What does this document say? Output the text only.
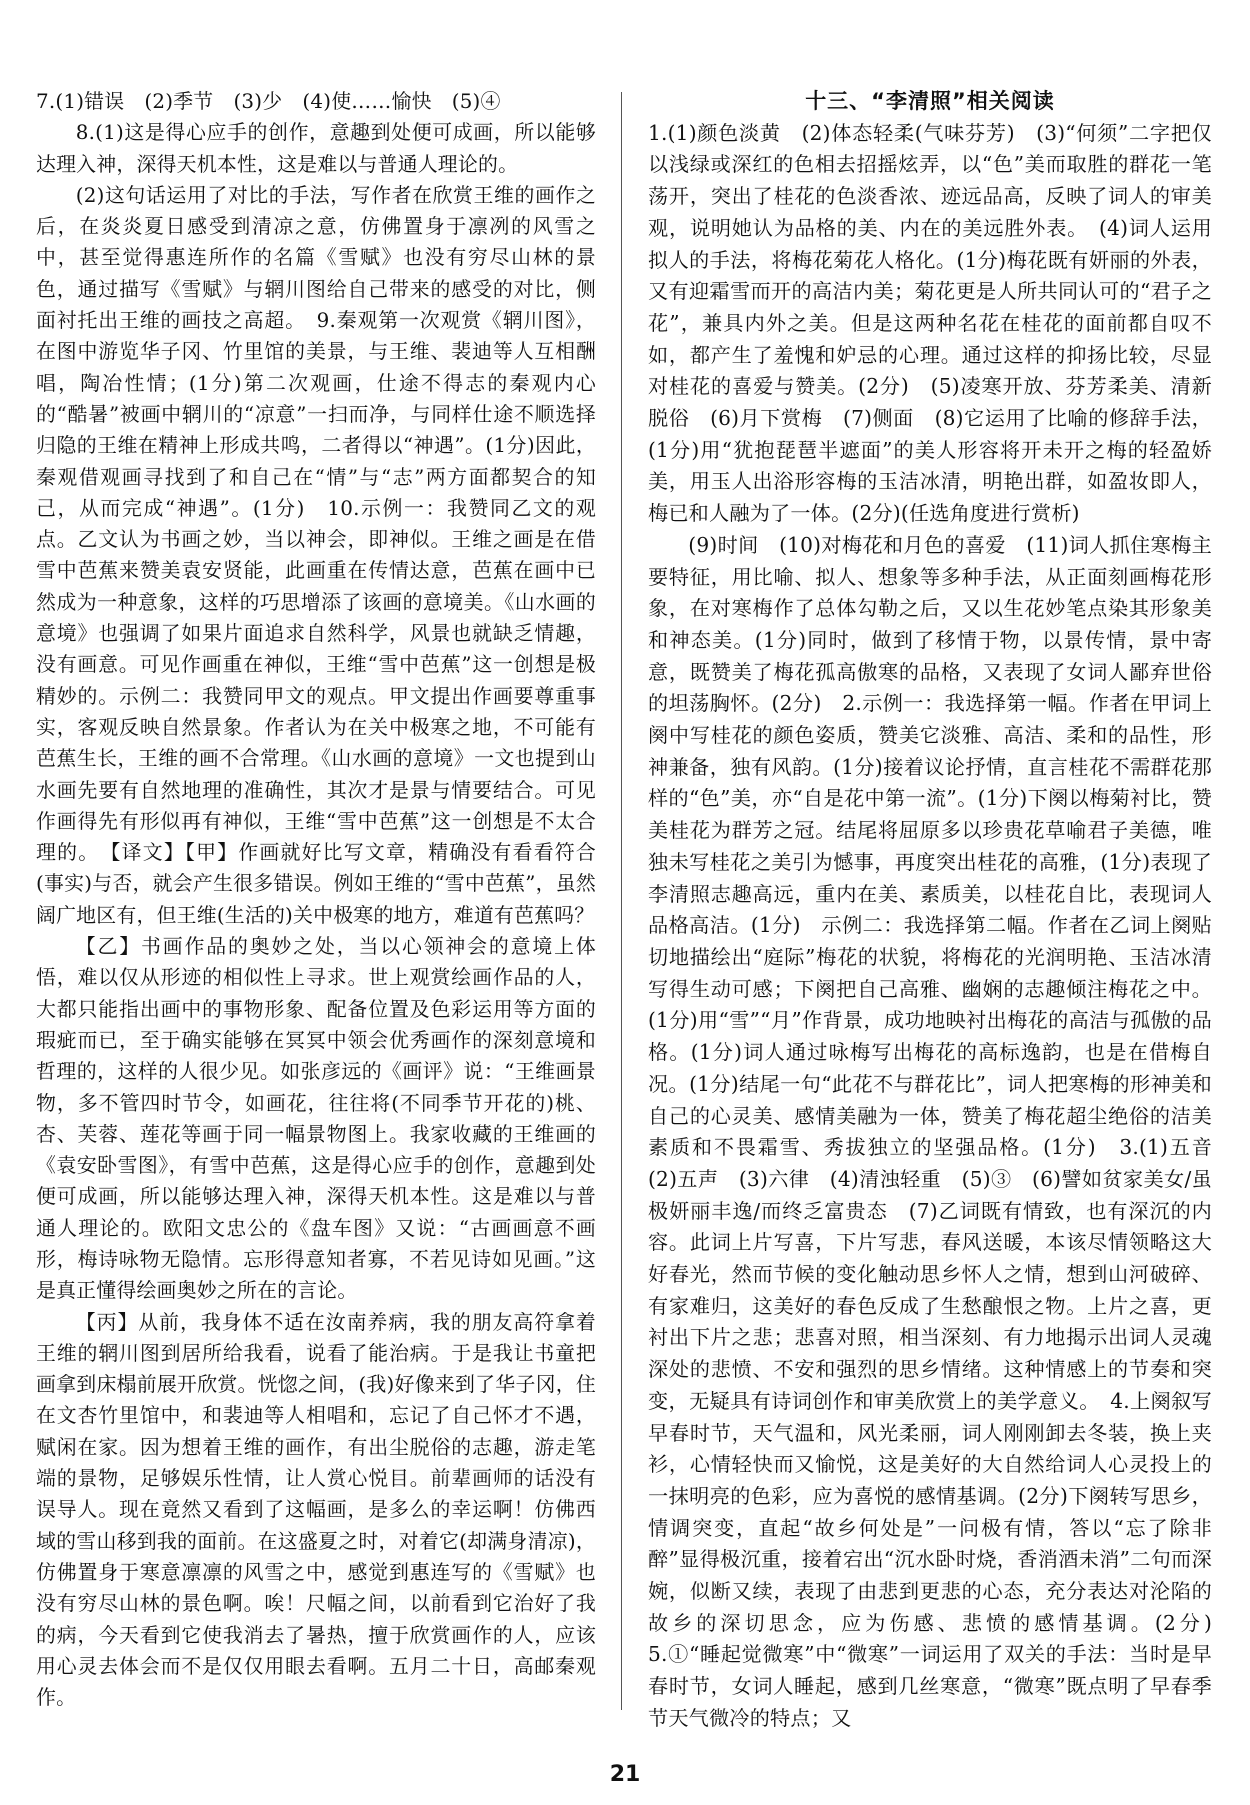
7.(1)错误　(2)季节　(3)少　(4)使……愉快　(5)④

8.(1)这是得心应手的创作，意趣到处便可成画，所以能够达理入神，深得天机本性，这是难以与普通人理论的。

(2)这句话运用了对比的手法，写作者在欣赏王维的画作之后，在炎炎夏日感受到清凉之意，仿佛置身于凛冽的风雪之中，甚至觉得惠连所作的名篇《雪赋》也没有穷尽山林的景色，通过描写《雪赋》与辋川图给自己带来的感受的对比，侧面衬托出王维的画技之高超。　9.秦观第一次观赏《辋川图》，在图中游览华子冈、竹里馆的美景，与王维、裴迪等人互相酬唱，陶冶性情；(1分)第二次观画，仕途不得志的秦观内心的“酷暑”被画中辋川的“凉意”一扫而净，与同样仕途不顺选择归隐的王维在精神上形成共鸣，二者得以“神遇”。(1分)因此，秦观借观画寻找到了和自己在“情”与“志”两方面都契合的知己，从而完成“神遇”。(1分)　10.示例一：我赞同乙文的观点。乙文认为书画之妙，当以神会，即神似。王维之画是在借雪中芭蕉来赞美袁安贤能，此画重在传情达意，芭蕉在画中已然成为一种意象，这样的巧思增添了该画的意境美。《山水画的意境》也强调了如果片面追求自然科学，风景也就缺乏情趣，没有画意。可见作画重在神似，王维“雪中芭蕉”这一创想是极精妙的。示例二：我赞同甲文的观点。甲文提出作画要尊重事实，客观反映自然景象。作者认为在关中极寒之地，不可能有芭蕉生长，王维的画不合常理。《山水画的意境》一文也提到山水画先要有自然地理的准确性，其次才是景与情要结合。可见作画得先有形似再有神似，王维“雪中芭蕉”这一创想是不太合理的。　【译文】【甲】作画就好比写文章，精确没有看看符合(事实)与否，就会产生很多错误。例如王维的“雪中芭蕉”，虽然阔广地区有，但王维(生活的)关中极寒的地方，难道有芭蕉吗？

【乙】书画作品的奥妙之处，当以心领神会的意境上体悟，难以仅从形迹的相似性上寻求。世上观赏绘画作品的人，大都只能指出画中的事物形象、配备位置及色彩运用等方面的瑕疵而已，至于确实能够在冥冥中领会优秀画作的深刻意境和哲理的，这样的人很少见。如张彦远的《画评》说：“王维画景物，多不管四时节令，如画花，往往将(不同季节开花的)桃、杏、芙蓉、莲花等画于同一幅景物图上。我家收藏的王维画的《袁安卧雪图》，有雪中芭蕉，这是得心应手的创作，意趣到处便可成画，所以能够达理入神，深得天机本性。这是难以与普通人理论的。欧阳文忠公的《盘车图》又说：“古画画意不画形，梅诗咏物无隐情。忘形得意知者寡，不若见诗如见画。”这是真正懂得绘画奥妙之所在的言论。

【丙】从前，我身体不适在汝南养病，我的朋友高符拿着王维的辋川图到居所给我看，说看了能治病。于是我让书童把画拿到床榻前展开欣赏。恍惚之间，(我)好像来到了华子冈，住在文杏竹里馆中，和裴迪等人相唱和，忘记了自己怀才不遇，赋闲在家。因为想着王维的画作，有出尘脱俗的志趣，游走笔端的景物，足够娱乐性情，让人赏心悦目。前辈画师的话没有误导人。现在竟然又看到了这幅画，是多么的幸运啊！仿佛西域的雪山移到我的面前。在这盛夏之时，对着它(却满身清凉)，仿佛置身于寒意凛凛的风雪之中，感觉到惠连写的《雪赋》也没有穷尽山林的景色啊。唉！尺幅之间，以前看到它治好了我的病，今天看到它使我消去了暑热，擅于欣赏画作的人，应该用心灵去体会而不是仅仅用眼去看啊。五月二十日，高邮秦观作。

十三、“李清照”相关阅读

1.(1)颜色淡黄　(2)体态轻柔(气味芬芳)　(3)“何须”二字把仅以浅绿或深红的色相去招摇炫弄，以“色”美而取胜的群花一笔荡开，突出了桂花的色淡香浓、迹远品高，反映了词人的审美观，说明她认为品格的美、内在的美远胜外表。　(4)词人运用拟人的手法，将梅花菊花人格化。(1分)梅花既有妍丽的外表，又有迎霜雪而开的高洁内美；菊花更是人所共同认可的“君子之花”，兼具内外之美。但是这两种名花在桂花的面前都自叹不如，都产生了羞愧和妒忌的心理。通过这样的抑扬比较，尽显对桂花的喜爱与赞美。(2分)　(5)凌寒开放、芬芳柔美、清新脱俗　(6)月下赏梅　(7)侧面　(8)它运用了比喻的修辞手法，(1分)用“犹抱琵琶半遮面”的美人形容将开未开之梅的轻盈娇美，用玉人出浴形容梅的玉洁冰清，明艳出群，如盈妆即人，梅已和人融为了一体。(2分)(任选角度进行赏析)

(9)时间　(10)对梅花和月色的喜爱　(11)词人抓住寒梅主要特征，用比喻、拟人、想象等多种手法，从正面刻画梅花形象，在对寒梅作了总体勾勒之后，又以生花妙笔点染其形象美和神态美。(1分)同时，做到了移情于物，以景传情，景中寄意，既赞美了梅花孤高傲寒的品格，又表现了女词人鄙弃世俗的坦荡胸怀。(2分)　2.示例一：我选择第一幅。作者在甲词上阕中写桂花的颜色姿质，赞美它淡雅、高洁、柔和的品性，形神兼备，独有风韵。(1分)接着议论抒情，直言桂花不需群花那样的“色”美，亦“自是花中第一流”。(1分)下阕以梅菊衬比，赞美桂花为群芳之冠。结尾将屈原多以珍贵花草喻君子美德，唯独未写桂花之美引为憾事，再度突出桂花的高雅，(1分)表现了李清照志趣高远，重内在美、素质美，以桂花自比，表现词人品格高洁。(1分)　示例二：我选择第二幅。作者在乙词上阕贴切地描绘出“庭际”梅花的状貌，将梅花的光润明艳、玉洁冰清写得生动可感；下阕把自己高雅、幽娴的志趣倾注梅花之中。(1分)用“雪”“月”作背景，成功地映衬出梅花的高洁与孤傲的品格。(1分)词人通过咏梅写出梅花的高标逸韵，也是在借梅自况。(1分)结尾一句“此花不与群花比”，词人把寒梅的形神美和自己的心灵美、感情美融为一体，赞美了梅花超尘绝俗的洁美素质和不畏霜雪、秀拔独立的坚强品格。(1分)　3.(1)五音　(2)五声　(3)六律　(4)清浊轻重　(5)③　(6)譬如贫家美女/虽极妍丽丰逸/而终乏富贵态　(7)乙词既有情致，也有深沉的内容。此词上片写喜，下片写悲，春风送暖，本该尽情领略这大好春光，然而节候的变化触动思乡怀人之情，想到山河破碎、有家难归，这美好的春色反成了生愁酿恨之物。上片之喜，更衬出下片之悲；悲喜对照，相当深刻、有力地揭示出词人灵魂深处的悲愤、不安和强烈的思乡情绪。这种情感上的节奏和突变，无疑具有诗词创作和审美欣赏上的美学意义。　4.上阕叙写早春时节，天气温和，风光柔丽，词人刚刚卸去冬装，换上夹衫，心情轻快而又愉悦，这是美好的大自然给词人心灵投上的一抹明亮的色彩，应为喜悦的感情基调。(2分)下阕转写思乡，情调突变，直起“故乡何处是”一问极有情，答以“忘了除非醉”显得极沉重，接着宕出“沉水卧时烧，香消酒未消”二句而深婉，似断又续，表现了由悲到更悲的心态，充分表达对沦陷的故乡的深切思念，应为伤感、悲愤的感情基调。(2分)　5.①“睡起觉微寒”中“微寒”一词运用了双关的手法：当时是早春时节，女词人睡起，感到几丝寒意，“微寒”既点明了早春季节天气微冷的特点；又

21
